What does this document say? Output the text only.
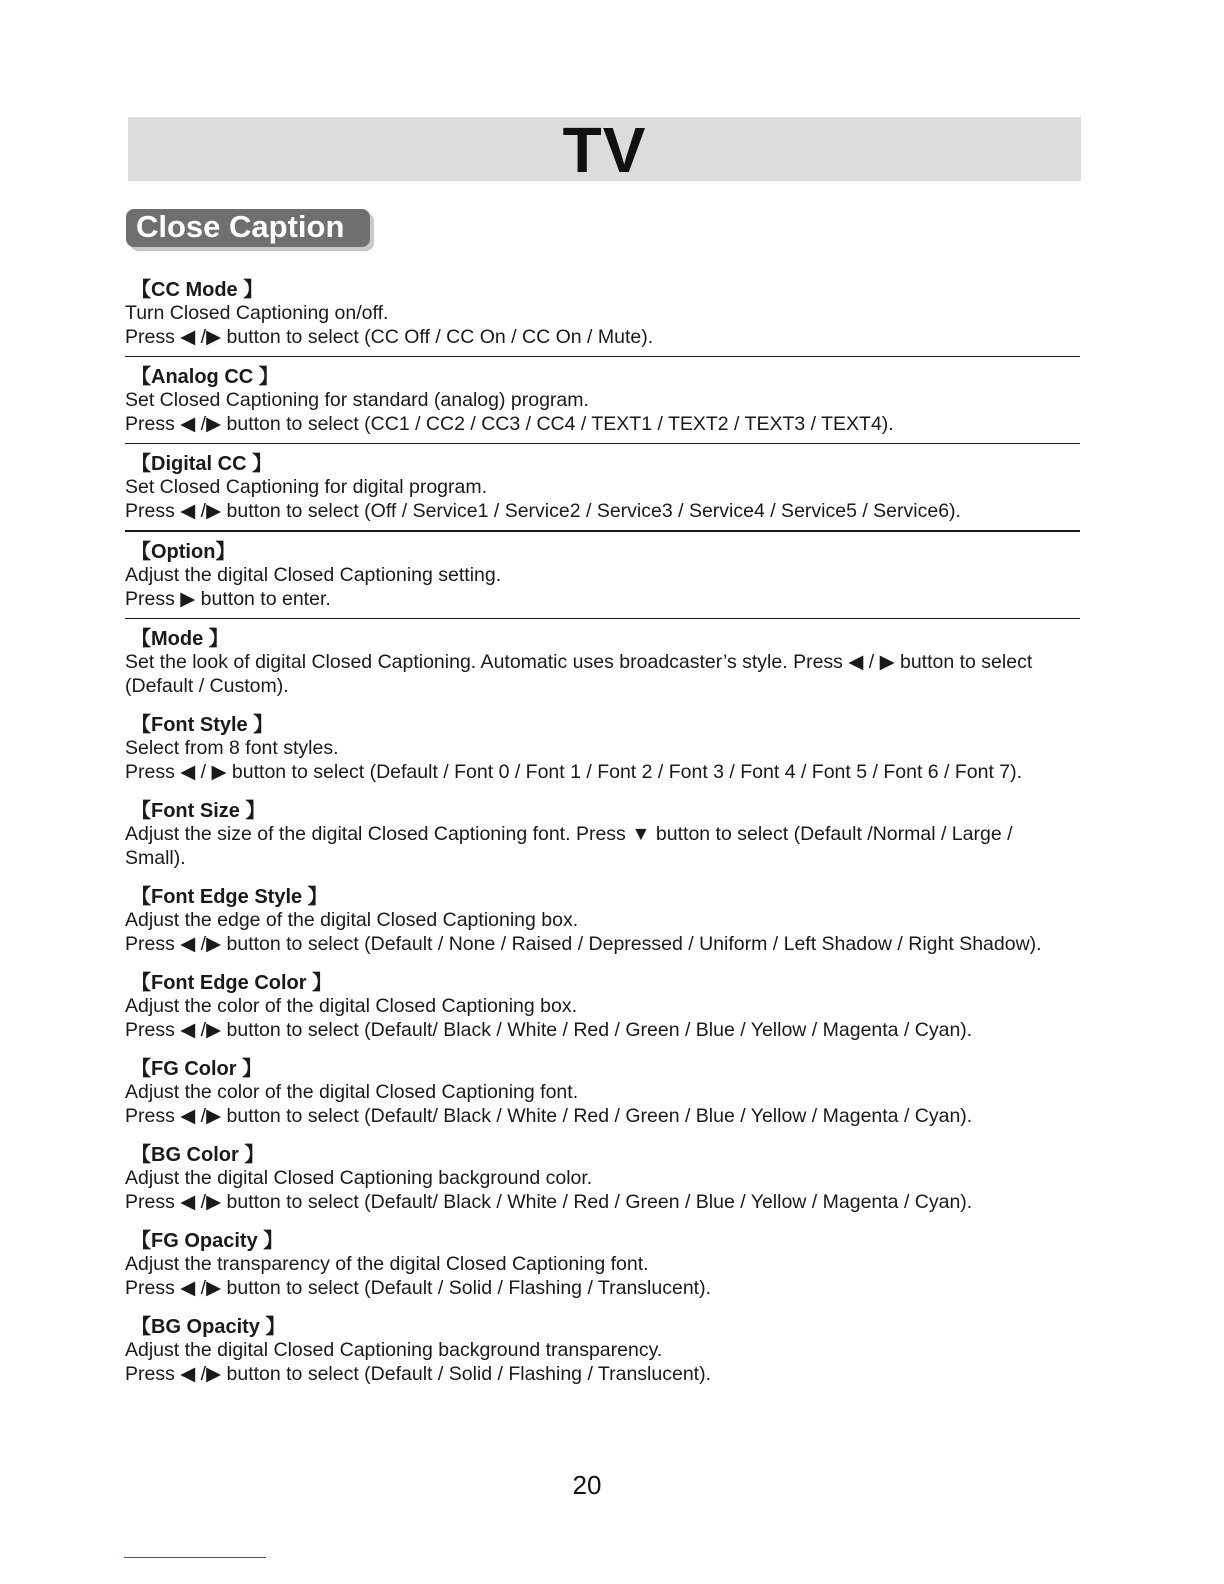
TV
Close Caption
【CC Mode 】
Turn Closed Captioning on/off.
Press ◀ /▶ button to select (CC Off / CC On / CC On / Mute).
【Analog CC 】
Set Closed Captioning for standard (analog) program.
Press ◀ /▶ button to select (CC1 / CC2 / CC3 / CC4 / TEXT1 / TEXT2 / TEXT3 / TEXT4).
【Digital CC 】
Set Closed Captioning for digital program.
Press ◀ /▶ button to select (Off / Service1 / Service2 / Service3 / Service4 / Service5 / Service6).
【Option】
Adjust the digital Closed Captioning setting.
Press ▶ button to enter.
【Mode 】
Set the look of digital Closed Captioning. Automatic uses broadcaster’s style. Press ◀ / ▶ button to select (Default / Custom).
【Font Style 】
Select from 8 font styles.
Press ◀ / ▶ button to select (Default / Font 0 / Font 1 / Font 2 / Font 3 / Font 4 / Font 5 / Font 6 / Font 7).
【Font Size 】
Adjust the size of the digital Closed Captioning font. Press ▼ button to select (Default /Normal / Large / Small).
【Font Edge Style 】
Adjust the edge of the digital Closed Captioning box.
Press ◀ /▶ button to select (Default / None / Raised / Depressed / Uniform / Left Shadow / Right Shadow).
【Font Edge Color 】
Adjust the color of the digital Closed Captioning box.
Press ◀ /▶ button to select (Default/ Black / White / Red / Green / Blue / Yellow / Magenta / Cyan).
【FG Color 】
Adjust the color of the digital Closed Captioning font.
Press ◀ /▶ button to select (Default/ Black / White / Red / Green / Blue / Yellow / Magenta / Cyan).
【BG Color 】
Adjust the digital Closed Captioning background color.
Press ◀ /▶ button to select (Default/ Black / White / Red / Green / Blue / Yellow / Magenta / Cyan).
【FG Opacity 】
Adjust the transparency of the digital Closed Captioning font.
Press ◀ /▶ button to select (Default / Solid / Flashing / Translucent).
【BG Opacity 】
Adjust the digital Closed Captioning background transparency.
Press ◀ /▶ button to select (Default / Solid / Flashing / Translucent).
20
